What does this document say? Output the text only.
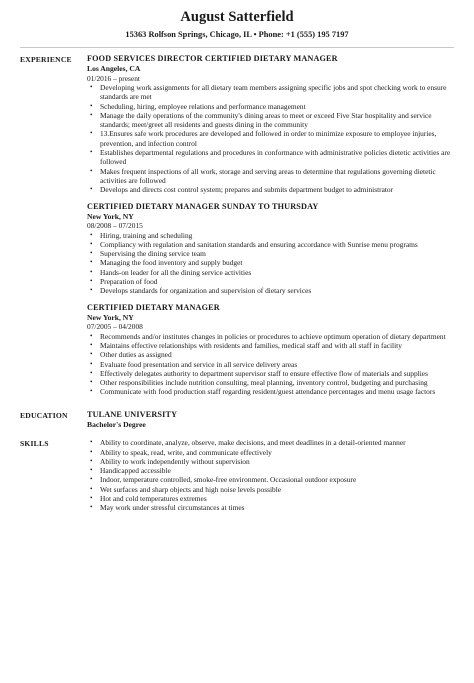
August Satterfield
15363 Rolfson Springs, Chicago, IL • Phone: +1 (555) 195 7197
EXPERIENCE	FOOD SERVICES DIRECTOR CERTIFIED DIETARY MANAGER
Los Angeles, CA
01/2016 – present
• Developing work assignments for all dietary team members assigning specific jobs and spot checking work to ensure standards are met
• Scheduling, hiring, employee relations and performance management
• Manage the daily operations of the community's dining areas to meet or exceed Five Star hospitality and service standards; meet/greet all residents and guests dining in the community
• 13.Ensures safe work procedures are developed and followed in order to minimize exposure to employee injuries, prevention, and infection control
• Establishes departmental regulations and procedures in conformance with administrative policies dietetic activities are followed
• Makes frequent inspections of all work, storage and serving areas to determine that regulations governing dietetic activities are followed
• Develops and directs cost control system; prepares and submits department budget to administrator
CERTIFIED DIETARY MANAGER SUNDAY TO THURSDAY
New York, NY
08/2008 – 07/2015
• Hiring, training and scheduling
• Compliancy with regulation and sanitation standards and ensuring accordance with Sunrise menu programs
• Supervising the dining service team
• Managing the food inventory and supply budget
• Hands-on leader for all the dining service activities
• Preparation of food
• Develops standards for organization and supervision of dietary services
CERTIFIED DIETARY MANAGER
New York, NY
07/2005 – 04/2008
• Recommends and/or institutes changes in policies or procedures to achieve optimum operation of dietary department
• Maintains effective relationships with residents and families, medical staff and with all staff in facility
• Other duties as assigned
• Evaluate food presentation and service in all service delivery areas
• Effectively delegates authority to department supervisor staff to ensure effective flow of materials and supplies
• Other responsibilities include nutrition consulting, meal planning, inventory control, budgeting and purchasing
• Communicate with food production staff regarding resident/guest attendance percentages and menu usage factors
EDUCATION	TULANE UNIVERSITY
Bachelor's Degree
SKILLS	• Ability to coordinate, analyze, observe, make decisions, and meet deadlines in a detail-oriented manner
• Ability to speak, read, write, and communicate effectively
• Ability to work independently without supervision
• Handicapped accessible
• Indoor, temperature controlled, smoke-free environment. Occasional outdoor exposure
• Wet surfaces and sharp objects and high noise levels possible
• Hot and cold temperatures extremes
• May work under stressful circumstances at times
